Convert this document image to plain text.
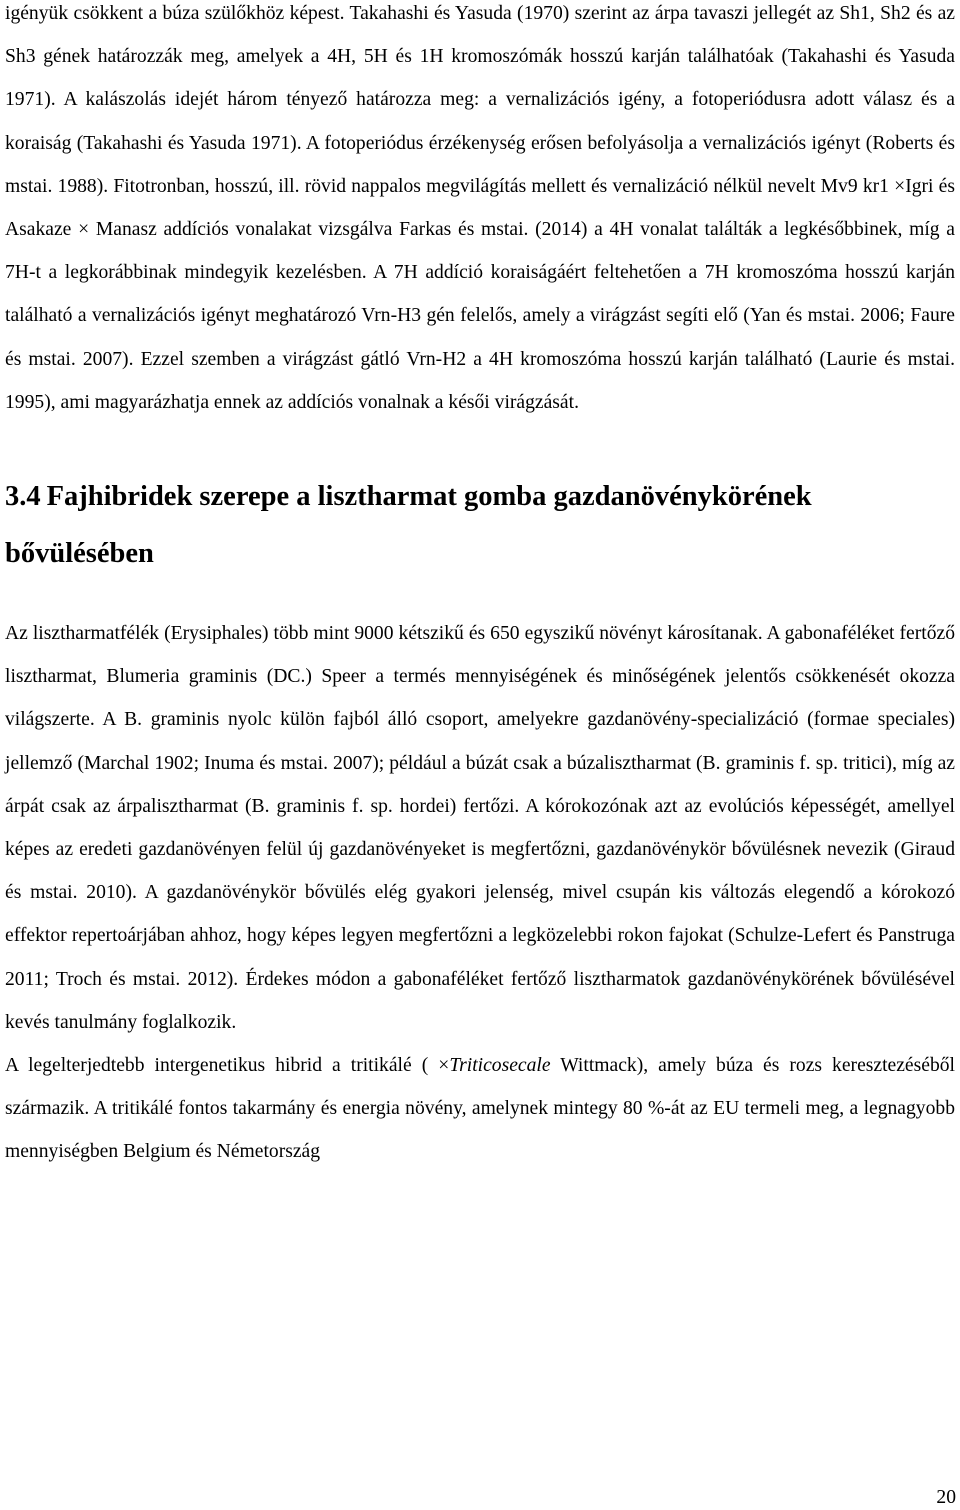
igényük csökkent a búza szülőkhöz képest. Takahashi és Yasuda (1970) szerint az árpa tavaszi jellegét az Sh1, Sh2 és az Sh3 gének határozzák meg, amelyek a 4H, 5H és 1H kromoszómák hosszú karján találhatóak (Takahashi és Yasuda 1971). A kalászolás idejét három tényező határozza meg: a vernalizációs igény, a fotoperiódusra adott válasz és a koraiság (Takahashi és Yasuda 1971). A fotoperiódus érzékenység erősen befolyásolja a vernalizációs igényt (Roberts és mstai. 1988). Fitotronban, hosszú, ill. rövid nappalos megvilágítás mellett és vernalizáció nélkül nevelt Mv9 kr1 ×Igri és Asakaze × Manasz addíciós vonalakat vizsgálva Farkas és mstai. (2014) a 4H vonalat találták a legkésőbbinek, míg a 7H-t a legkorábbinak mindegyik kezelésben. A 7H addíció koraiságáért feltehetően a 7H kromoszóma hosszú karján található a vernalizációs igényt meghatározó Vrn-H3 gén felelős, amely a virágzást segíti elő (Yan és mstai. 2006; Faure és mstai. 2007). Ezzel szemben a virágzást gátló Vrn-H2 a 4H kromoszóma hosszú karján található (Laurie és mstai. 1995), ami magyarázhatja ennek az addíciós vonalnak a késői virágzását.

3.4 Fajhibridek szerepe a lisztharmat gomba gazdanövénykörének bővülésében

Az lisztharmatfélék (Erysiphales) több mint 9000 kétszikű és 650 egyszikű növényt károsítanak. A gabonaféléket fertőző lisztharmat, Blumeria graminis (DC.) Speer a termés mennyiségének és minőségének jelentős csökkenését okozza világszerte. A B. graminis nyolc külön fajból álló csoport, amelyekre gazdanövény-specializáció (formae speciales) jellemző (Marchal 1902; Inuma és mstai. 2007); például a búzát csak a búzalisztharmat (B. graminis f. sp. tritici), míg az árpát csak az árpalisztharmat (B. graminis f. sp. hordei) fertőzi. A kórokozónak azt az evolúciós képességét, amellyel képes az eredeti gazdanövényen felül új gazdanövényeket is megfertőzni, gazdanövénykör bővülésnek nevezik (Giraud és mstai. 2010). A gazdanövénykör bővülés elég gyakori jelenség, mivel csupán kis változás elegendő a kórokozó effektor repertoárjában ahhoz, hogy képes legyen megfertőzni a legközelebbi rokon fajokat (Schulze-Lefert és Panstruga 2011; Troch és mstai. 2012). Érdekes módon a gabonaféléket fertőző lisztharmatok gazdanövénykörének bővülésével kevés tanulmány foglalkozik.

A legelterjedtebb intergenetikus hibrid a tritikálé ( ×Triticosecale Wittmack), amely búza és rozs keresztezéséből származik. A tritikálé fontos takarmány és energia növény, amelynek mintegy 80 %-át az EU termeli meg, a legnagyobb mennyiségben Belgium és Németország

20
